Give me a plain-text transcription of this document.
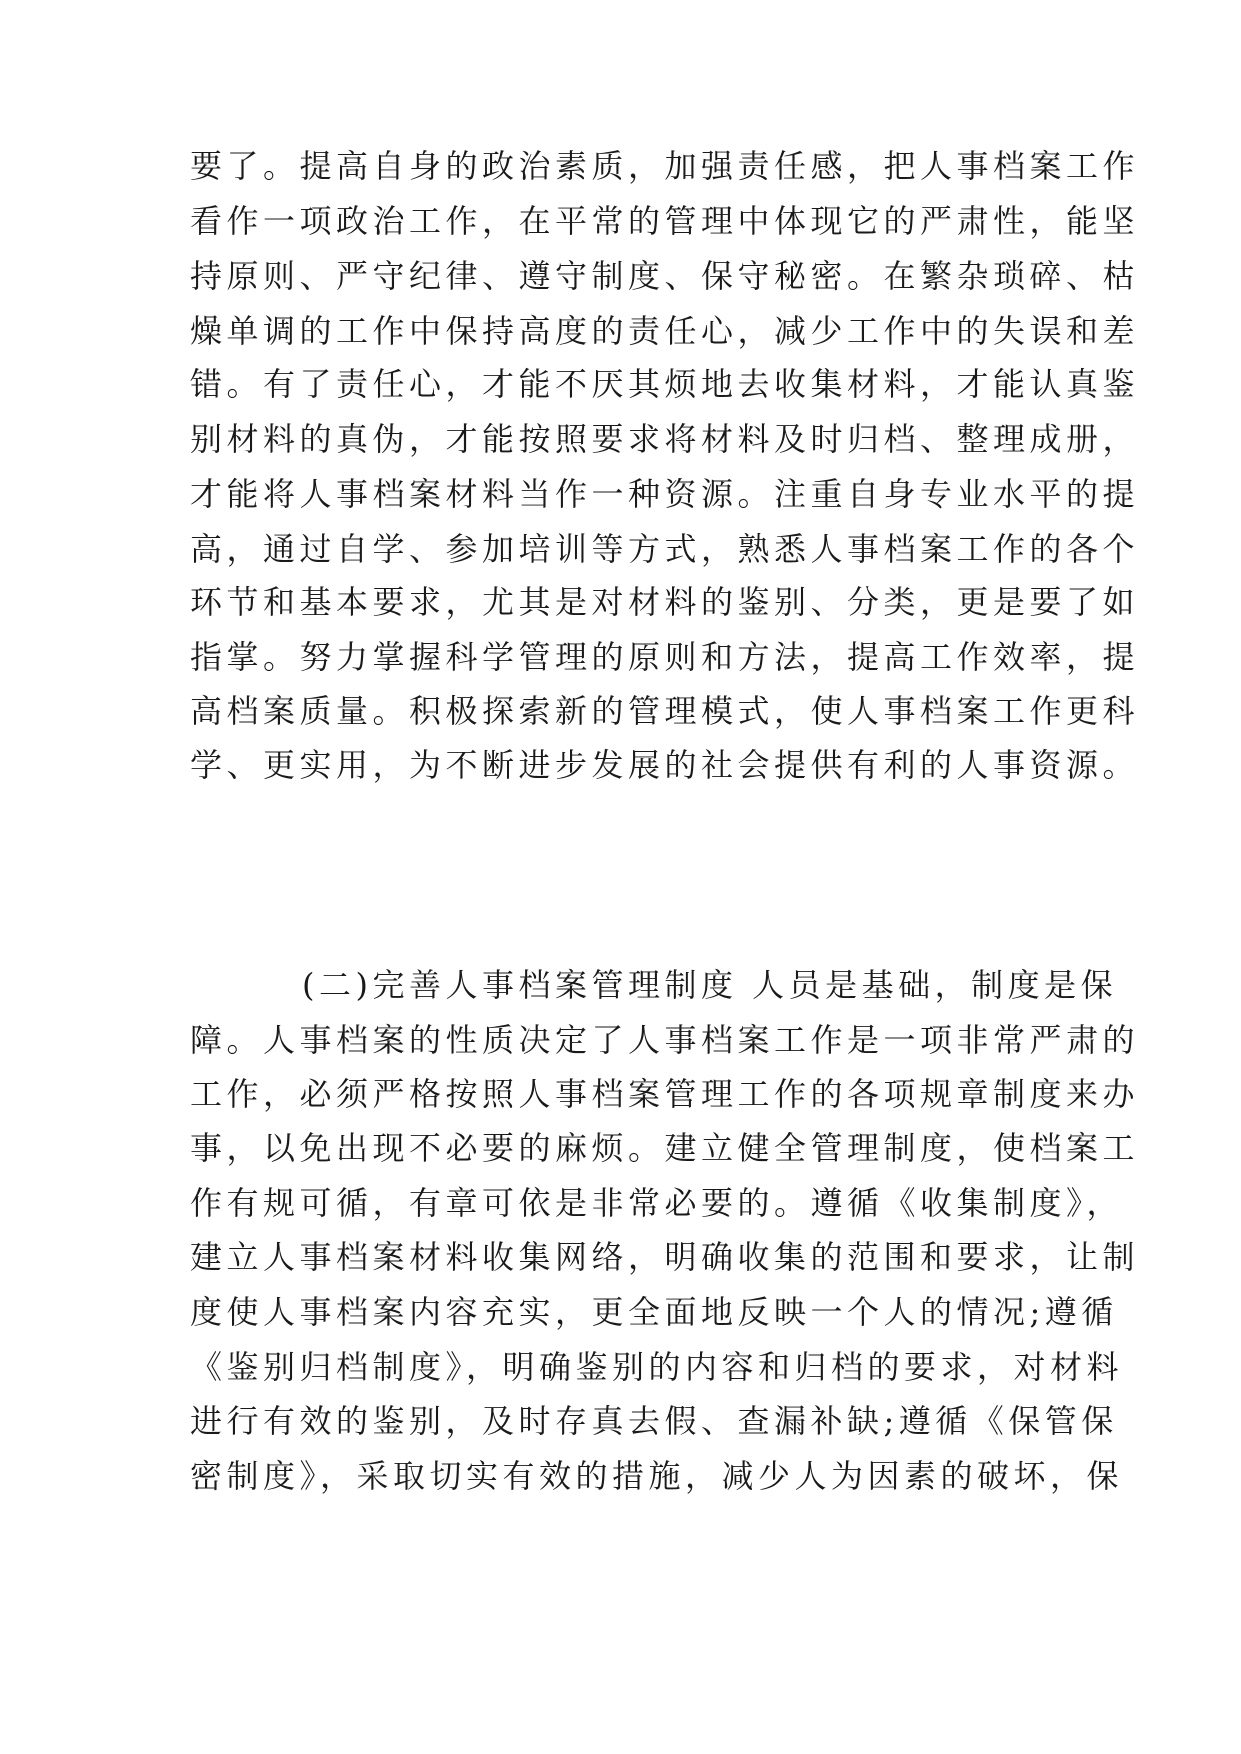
要了。提高自身的政治素质，加强责任感，把人事档案工作
看作一项政治工作，在平常的管理中体现它的严肃性，能坚
持原则、严守纪律、遵守制度、保守秘密。在繁杂琐碎、枯
燥单调的工作中保持高度的责任心，减少工作中的失误和差
错。有了责任心，才能不厌其烦地去收集材料，才能认真鉴
别材料的真伪，才能按照要求将材料及时归档、整理成册，
才能将人事档案材料当作一种资源。注重自身专业水平的提
高，通过自学、参加培训等方式，熟悉人事档案工作的各个
环节和基本要求，尤其是对材料的鉴别、分类，更是要了如
指掌。努力掌握科学管理的原则和方法，提高工作效率，提
高档案质量。积极探索新的管理模式，使人事档案工作更科
学、更实用，为不断进步发展的社会提供有利的人事资源。
(二)完善人事档案管理制度 人员是基础，制度是保
障。人事档案的性质决定了人事档案工作是一项非常严肃的
工作，必须严格按照人事档案管理工作的各项规章制度来办
事，以免出现不必要的麻烦。建立健全管理制度，使档案工
作有规可循，有章可依是非常必要的。遵循《收集制度》，
建立人事档案材料收集网络，明确收集的范围和要求，让制
度使人事档案内容充实，更全面地反映一个人的情况;遵循
《鉴别归档制度》，明确鉴别的内容和归档的要求，对材料
进行有效的鉴别，及时存真去假、查漏补缺;遵循《保管保
密制度》，采取切实有效的措施，减少人为因素的破坏，保
